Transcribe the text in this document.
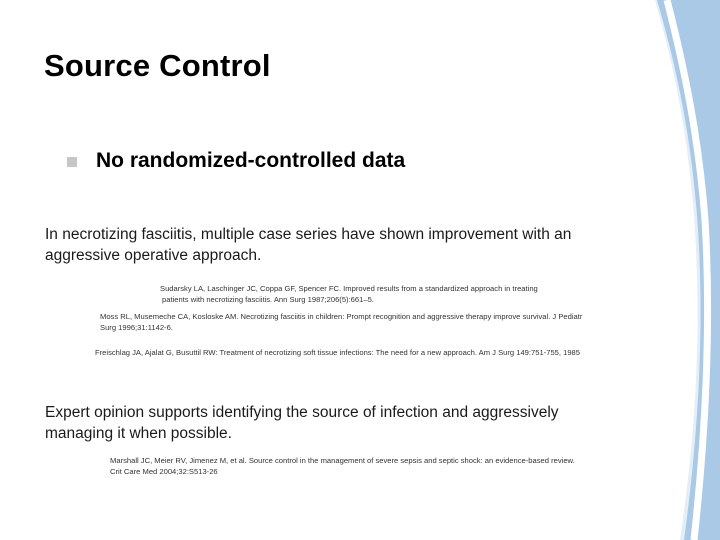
Source Control
No randomized-controlled data
In necrotizing fasciitis, multiple case series have shown improvement with an
aggressive operative approach.
Sudarsky LA, Laschinger JC, Coppa GF, Spencer FC. Improved results from a standardized approach in treating
patients with necrotizing fasciitis. Ann Surg 1987;206(5):661–5.
Moss RL, Musemeche CA, Kosloske AM. Necrotizing fasciitis in children: Prompt recognition and aggressive therapy improve survival. J Pediatr
Surg 1996;31:1142-6.
Freischlag JA, Ajalat G, Busuttil RW: Treatment of necrotizing soft tissue infections: The need for a new approach. Am J Surg 149:751-755, 1985
Expert opinion supports identifying the source of infection and aggressively
managing it when possible.
Marshall JC, Meier RV, Jimenez M, et al. Source control in the management of severe sepsis and septic shock: an evidence-based review.
Crit Care Med 2004;32:S513-26
